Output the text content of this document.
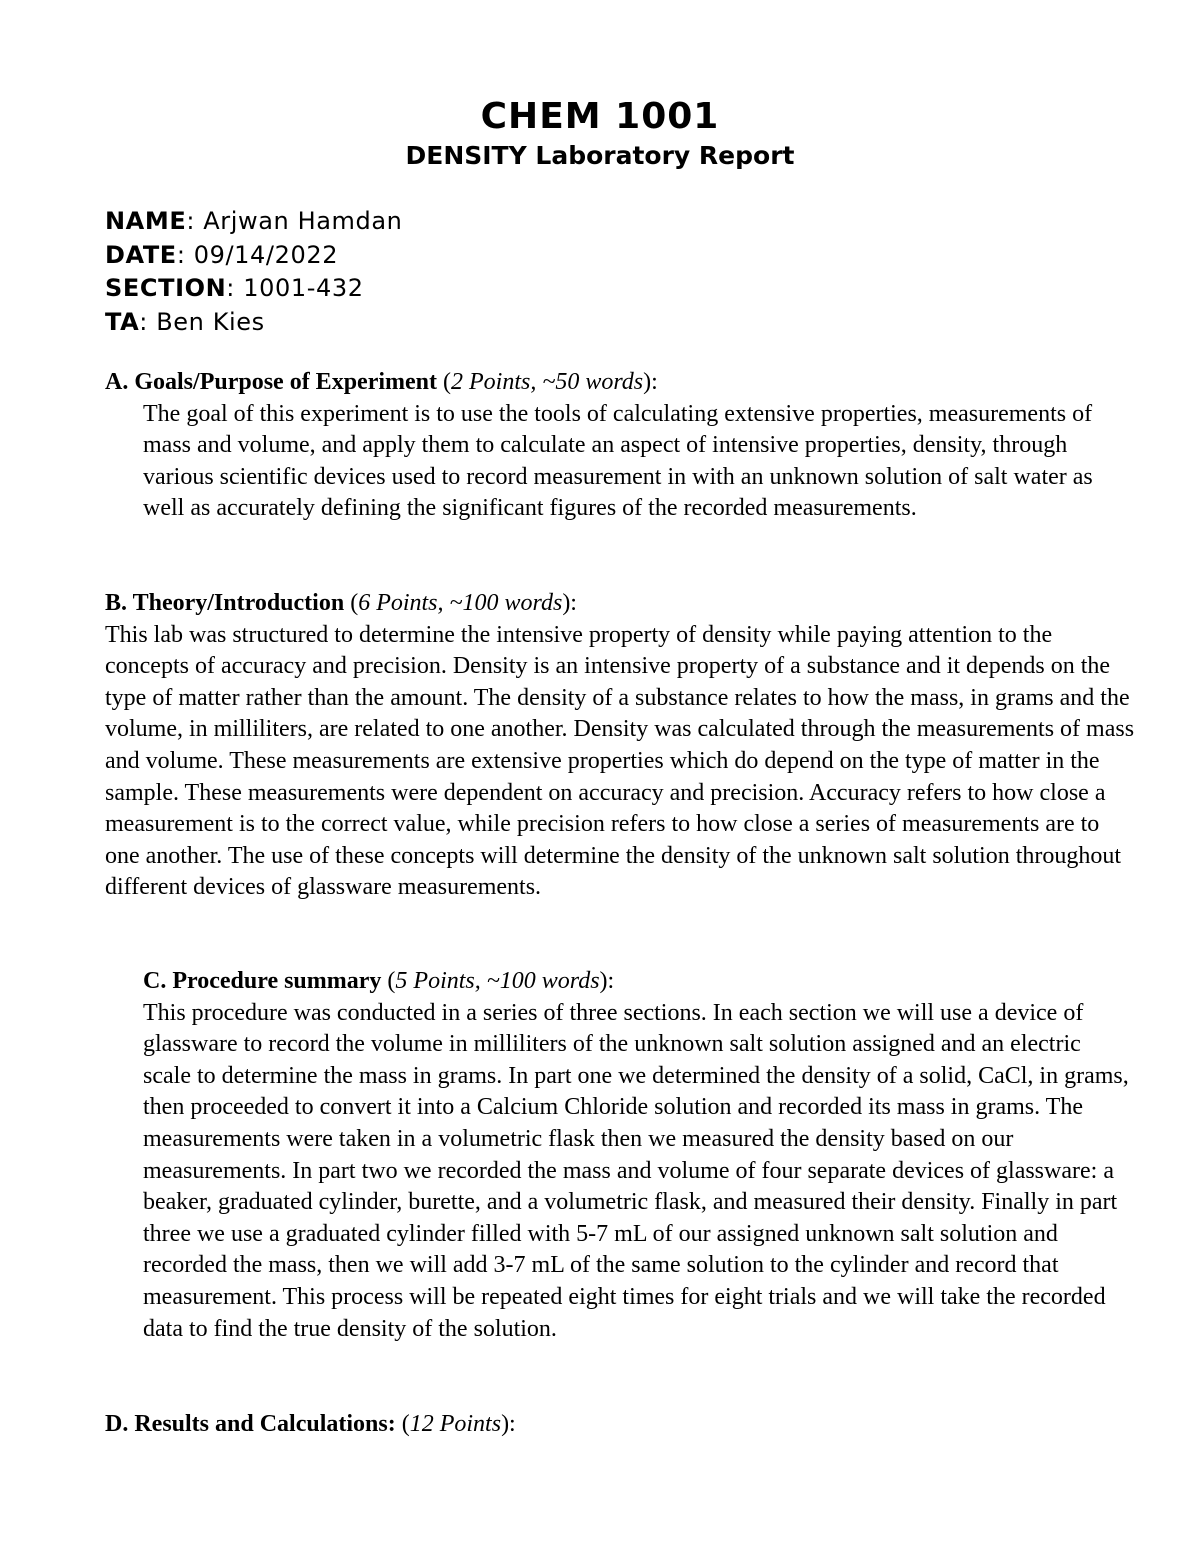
CHEM 1001
DENSITY Laboratory Report
NAME: Arjwan Hamdan
DATE: 09/14/2022
SECTION: 1001-432
TA: Ben Kies
A. Goals/Purpose of Experiment (2 Points, ~50 words):
The goal of this experiment is to use the tools of calculating extensive properties, measurements of mass and volume, and apply them to calculate an aspect of intensive properties, density, through various scientific devices used to record measurement in with an unknown solution of salt water as well as accurately defining the significant figures of the recorded measurements.
B. Theory/Introduction (6 Points, ~100 words):
This lab was structured to determine the intensive property of density while paying attention to the concepts of accuracy and precision. Density is an intensive property of a substance and it depends on the type of matter rather than the amount. The density of a substance relates to how the mass, in grams and the volume, in milliliters, are related to one another. Density was calculated through the measurements of mass and volume. These measurements are extensive properties which do depend on the type of matter in the sample. These measurements were dependent on accuracy and precision. Accuracy refers to how close a measurement is to the correct value, while precision refers to how close a series of measurements are to one another. The use of these concepts will determine the density of the unknown salt solution throughout different devices of glassware measurements.
C. Procedure summary (5 Points, ~100 words):
This procedure was conducted in a series of three sections. In each section we will use a device of glassware to record the volume in milliliters of the unknown salt solution assigned and an electric scale to determine the mass in grams. In part one we determined the density of a solid, CaCl, in grams, then proceeded to convert it into a Calcium Chloride solution and recorded its mass in grams. The measurements were taken in a volumetric flask then we measured the density based on our measurements. In part two we recorded the mass and volume of four separate devices of glassware: a beaker, graduated cylinder, burette, and a volumetric flask, and measured their density. Finally in part three we use a graduated cylinder filled with 5-7 mL of our assigned unknown salt solution and recorded the mass, then we will add 3-7 mL of the same solution to the cylinder and record that measurement. This process will be repeated eight times for eight trials and we will take the recorded data to find the true density of the solution.
D. Results and Calculations: (12 Points):
